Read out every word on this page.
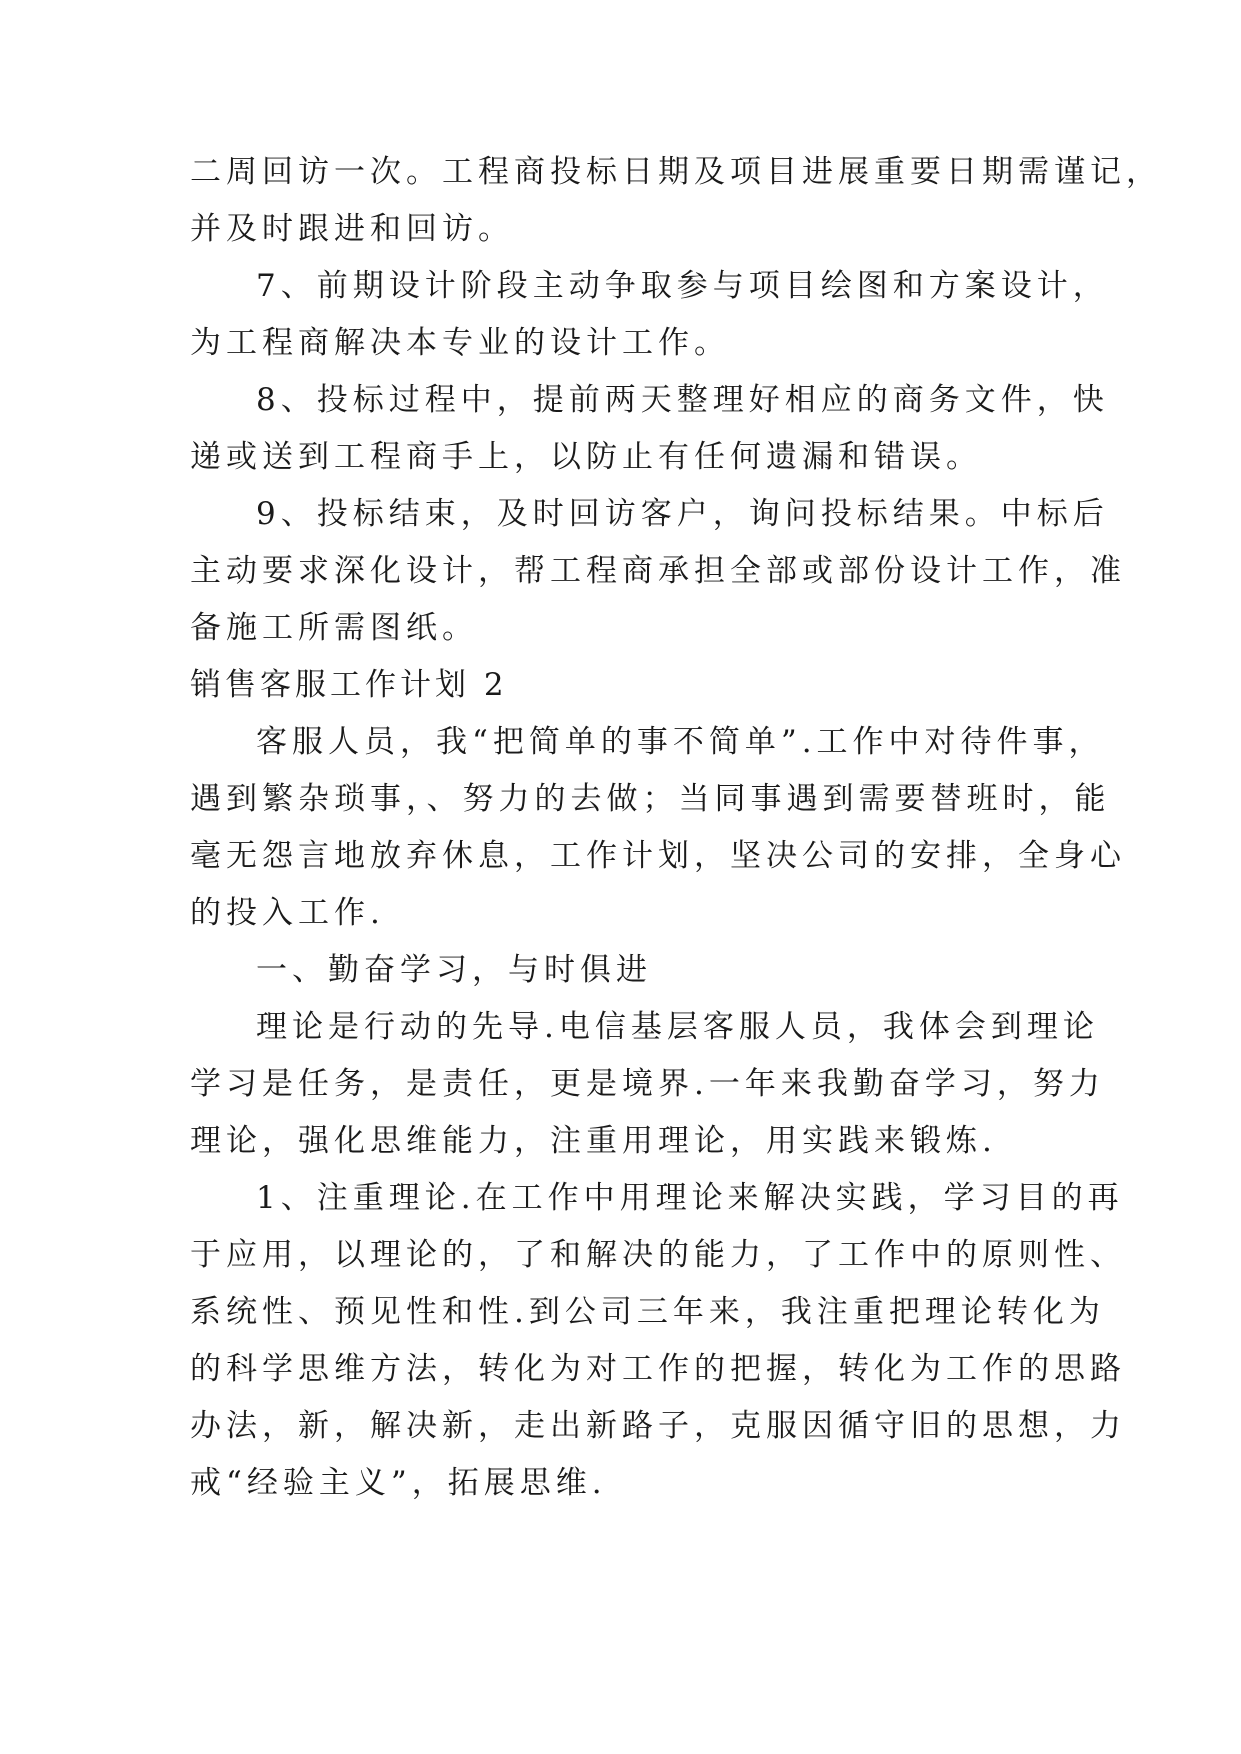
二周回访一次。工程商投标日期及项目进展重要日期需谨记，
并及时跟进和回访。
7、前期设计阶段主动争取参与项目绘图和方案设计，
为工程商解决本专业的设计工作。
8、投标过程中，提前两天整理好相应的商务文件，快
递或送到工程商手上，以防止有任何遗漏和错误。
9、投标结束，及时回访客户，询问投标结果。中标后
主动要求深化设计，帮工程商承担全部或部份设计工作，准
备施工所需图纸。
销售客服工作计划 2
客服人员，我“把简单的事不简单”.工作中对待件事，
遇到繁杂琐事，、努力的去做；当同事遇到需要替班时，能
毫无怨言地放弃休息，工作计划，坚决公司的安排，全身心
的投入工作.
一、勤奋学习，与时俱进
理论是行动的先导.电信基层客服人员，我体会到理论
学习是任务，是责任，更是境界.一年来我勤奋学习，努力
理论，强化思维能力，注重用理论，用实践来锻炼.
1、注重理论.在工作中用理论来解决实践，学习目的再
于应用，以理论的，了和解决的能力，了工作中的原则性、
系统性、预见性和性.到公司三年来，我注重把理论转化为
的科学思维方法，转化为对工作的把握，转化为工作的思路
办法，新，解决新，走出新路子，克服因循守旧的思想，力
戒“经验主义”，拓展思维.
